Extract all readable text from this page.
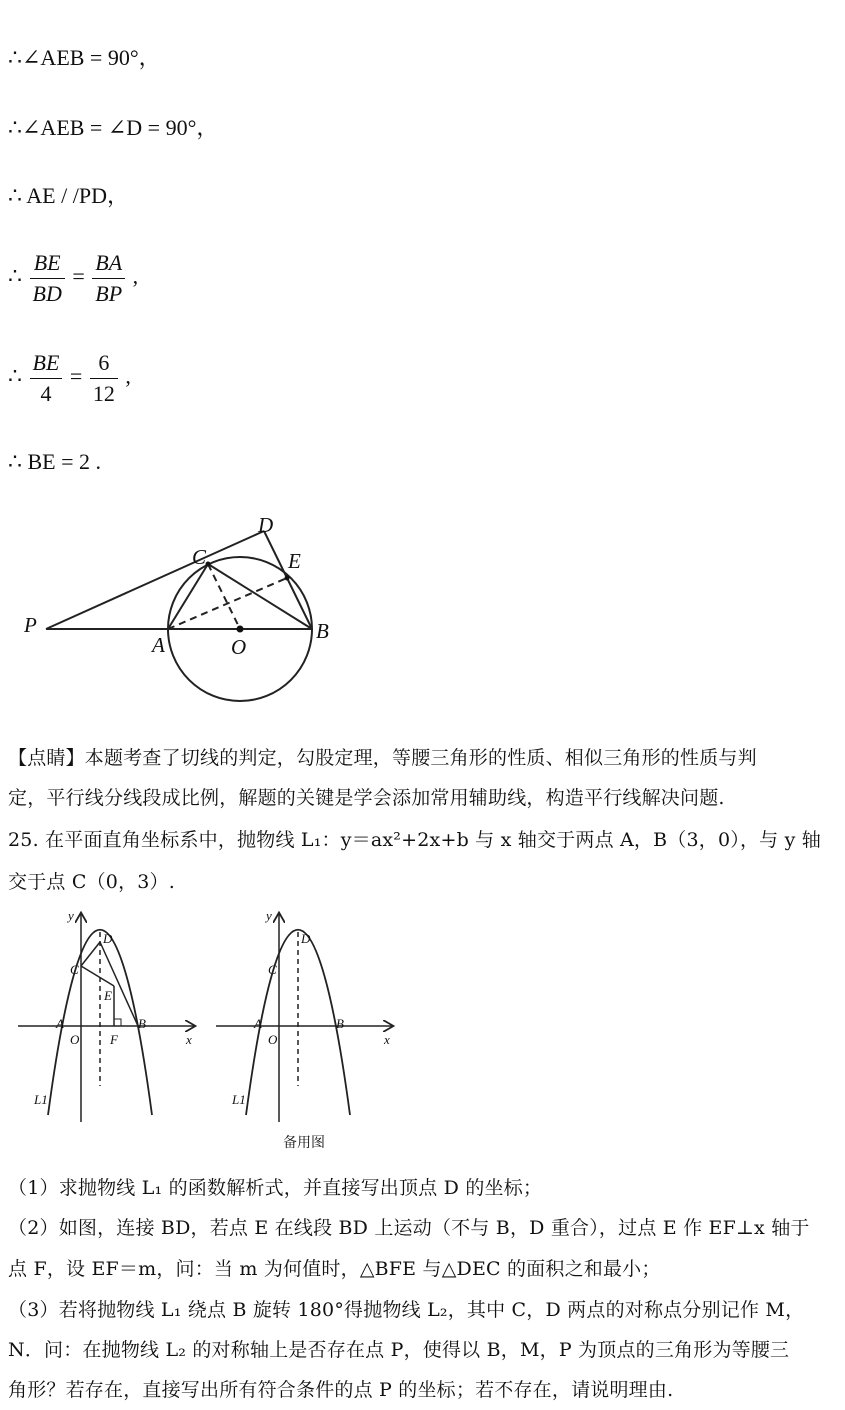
∴∠AEB = 90°，
∴∠AEB = ∠D = 90°，
∴ AE / /PD，
∴ $\frac{BE}{BD} = \frac{BA}{BP}$ ,
∴ $\frac{BE}{4} = \frac{6}{12}$ ,
∴ BE = 2 .
D
C	E
P
A	O
B
【点睛】本题考查了切线的判定，勾股定理，等腰三角形的性质、相似三角形的性质与判
定，平行线分线段成比例，解题的关键是学会添加常用辅助线，构造平行线解决问题.
25. 在平面直角坐标系中，抛物线 L₁：y＝ax²+2x+b 与 x 轴交于两点 A，B（3，0），与 y 轴
交于点 C（0，3）.
y
D
C
E
A	B
O F	x
L1
y
D
C
A	B
O	x
L1
备用图
（1）求抛物线 L₁ 的函数解析式，并直接写出顶点 D 的坐标；
（2）如图，连接 BD，若点 E 在线段 BD 上运动（不与 B，D 重合），过点 E 作 EF⊥x 轴于
点 F，设 EF＝m，问：当 m 为何值时，△BFE 与△DEC 的面积之和最小；
（3）若将抛物线 L₁ 绕点 B 旋转 180°得抛物线 L₂，其中 C，D 两点的对称点分别记作 M，
N．问：在抛物线 L₂ 的对称轴上是否存在点 P，使得以 B，M，P 为顶点的三角形为等腰三
角形？若存在，直接写出所有符合条件的点 P 的坐标；若不存在，请说明理由.
